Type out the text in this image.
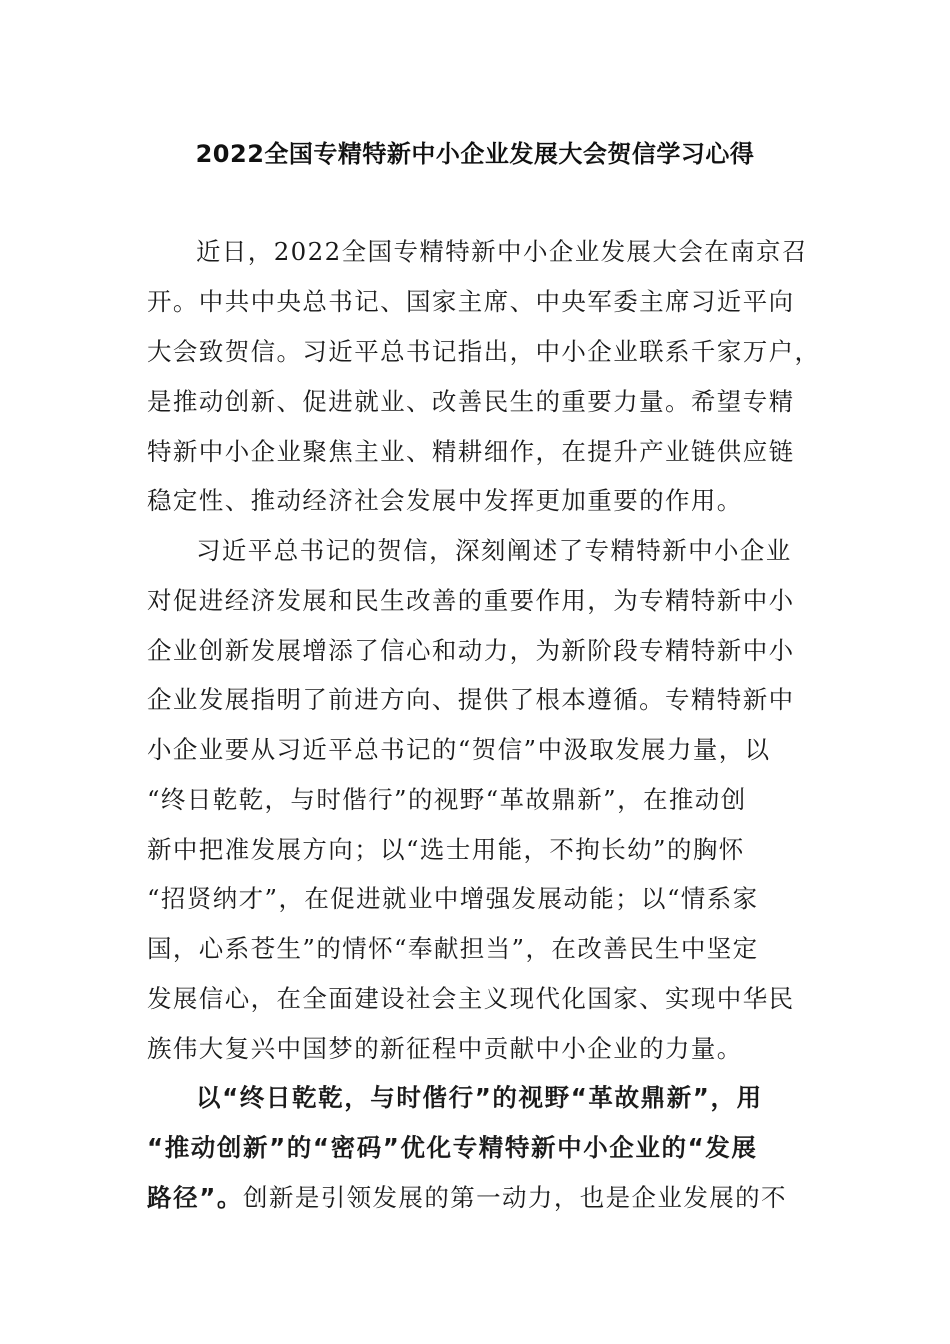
2022全国专精特新中小企业发展大会贺信学习心得
近日，2022全国专精特新中小企业发展大会在南京召
开。中共中央总书记、国家主席、中央军委主席习近平向
大会致贺信。习近平总书记指出，中小企业联系千家万户，
是推动创新、促进就业、改善民生的重要力量。希望专精
特新中小企业聚焦主业、精耕细作，在提升产业链供应链
稳定性、推动经济社会发展中发挥更加重要的作用。
习近平总书记的贺信，深刻阐述了专精特新中小企业
对促进经济发展和民生改善的重要作用，为专精特新中小
企业创新发展增添了信心和动力，为新阶段专精特新中小
企业发展指明了前进方向、提供了根本遵循。专精特新中
小企业要从习近平总书记的“贺信”中汲取发展力量，以
“终日乾乾，与时偕行”的视野“革故鼎新”，在推动创
新中把准发展方向；以“选士用能，不拘长幼”的胸怀
“招贤纳才”，在促进就业中增强发展动能；以“情系家
国，心系苍生”的情怀“奉献担当”，在改善民生中坚定
发展信心，在全面建设社会主义现代化国家、实现中华民
族伟大复兴中国梦的新征程中贡献中小企业的力量。
以“终日乾乾，与时偕行”的视野“革故鼎新”，用
“推动创新”的“密码”优化专精特新中小企业的“发展
路径”。创新是引领发展的第一动力，也是企业发展的不
